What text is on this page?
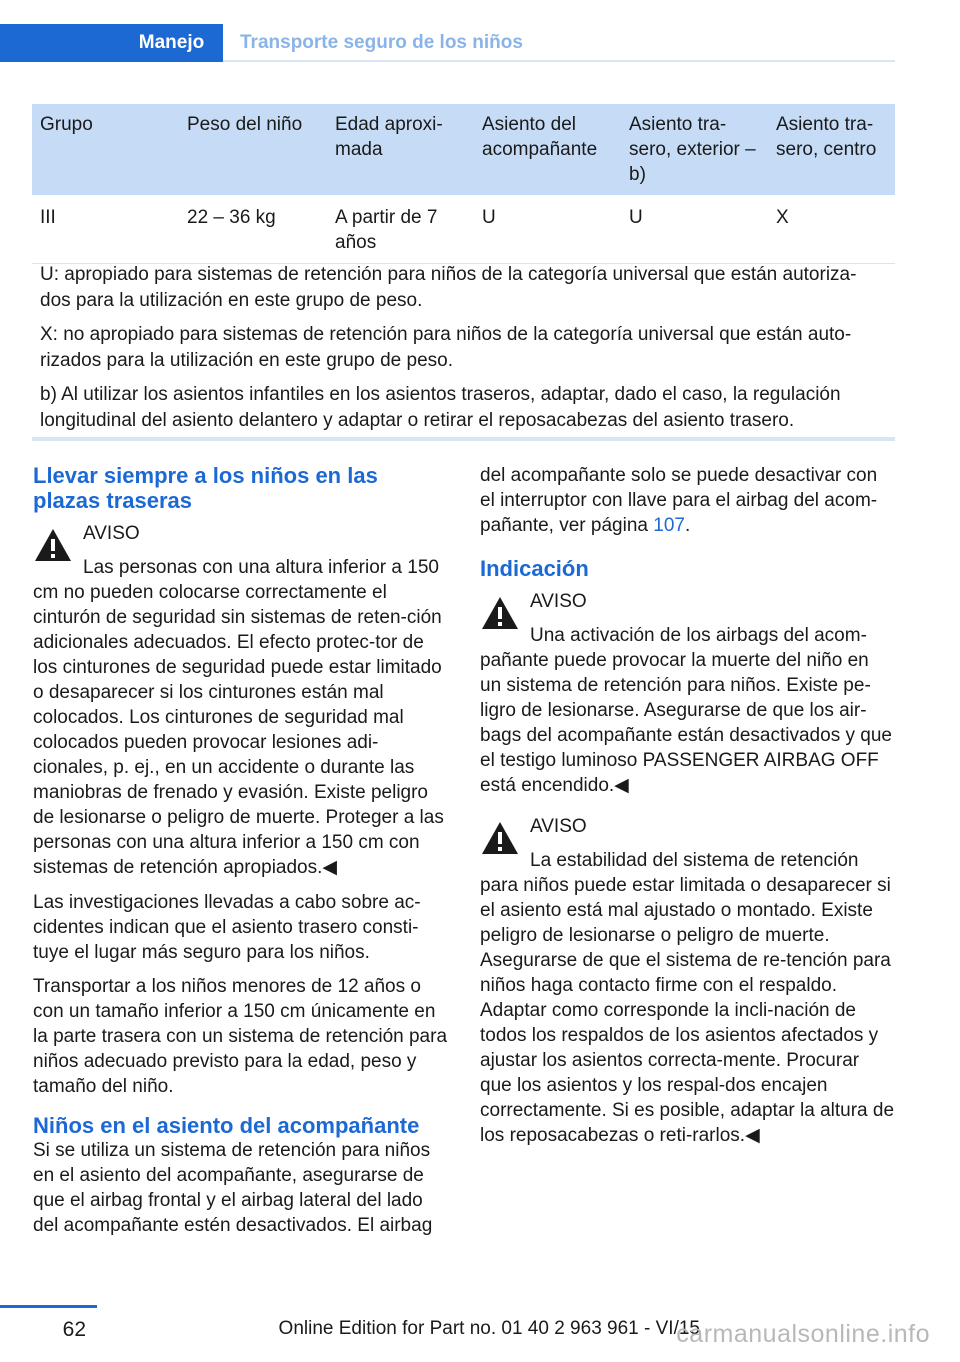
Manejo	Transporte seguro de los niños
Grupo	Peso del niño	Edad aproxi-mada	Asiento del acompañante	Asiento tra-sero, exterior – b)	Asiento tra-sero, centro
III	22 – 36 kg	A partir de 7 años	U	U	X

U: apropiado para sistemas de retención para niños de la categoría universal que están autoriza-dos para la utilización en este grupo de peso.

X: no apropiado para sistemas de retención para niños de la categoría universal que están auto-rizados para la utilización en este grupo de peso.

b) Al utilizar los asientos infantiles en los asientos traseros, adaptar, dado el caso, la regulación longitudinal del asiento delantero y adaptar o retirar el reposacabezas del asiento trasero.

Llevar siempre a los niños en las plazas traseras

AVISO

Las personas con una altura inferior a 150 cm no pueden colocarse correctamente el cinturón de seguridad sin sistemas de reten-ción adicionales adecuados. El efecto protec-tor de los cinturones de seguridad puede estar limitado o desaparecer si los cinturones están mal colocados. Los cinturones de seguridad mal colocados pueden provocar lesiones adi-cionales, p. ej., en un accidente o durante las maniobras de frenado y evasión. Existe peligro de lesionarse o peligro de muerte. Proteger a las personas con una altura inferior a 150 cm con sistemas de retención apropiados.◀

Las investigaciones llevadas a cabo sobre ac-cidentes indican que el asiento trasero consti-tuye el lugar más seguro para los niños.

Transportar a los niños menores de 12 años o con un tamaño inferior a 150 cm únicamente en la parte trasera con un sistema de retención para niños adecuado previsto para la edad, peso y tamaño del niño.

Niños en el asiento del acompañante

Si se utiliza un sistema de retención para niños en el asiento del acompañante, asegurarse de que el airbag frontal y el airbag lateral del lado del acompañante estén desactivados. El airbag

del acompañante solo se puede desactivar con el interruptor con llave para el airbag del acom-pañante, ver página 107.

Indicación

AVISO

Una activación de los airbags del acom-pañante puede provocar la muerte del niño en un sistema de retención para niños. Existe pe-ligro de lesionarse. Asegurarse de que los air-bags del acompañante están desactivados y que el testigo luminoso PASSENGER AIRBAG OFF está encendido.◀

AVISO

La estabilidad del sistema de retención para niños puede estar limitada o desaparecer si el asiento está mal ajustado o montado. Existe peligro de lesionarse o peligro de muerte. Asegurarse de que el sistema de re-tención para niños haga contacto firme con el respaldo. Adaptar como corresponde la incli-nación de todos los respaldos de los asientos afectados y ajustar los asientos correcta-mente. Procurar que los asientos y los respal-dos encajen correctamente. Si es posible, adaptar la altura de los reposacabezas o reti-rarlos.◀

62	Online Edition for Part no. 01 40 2 963 961 - VI/15
carmanualsonline.info
